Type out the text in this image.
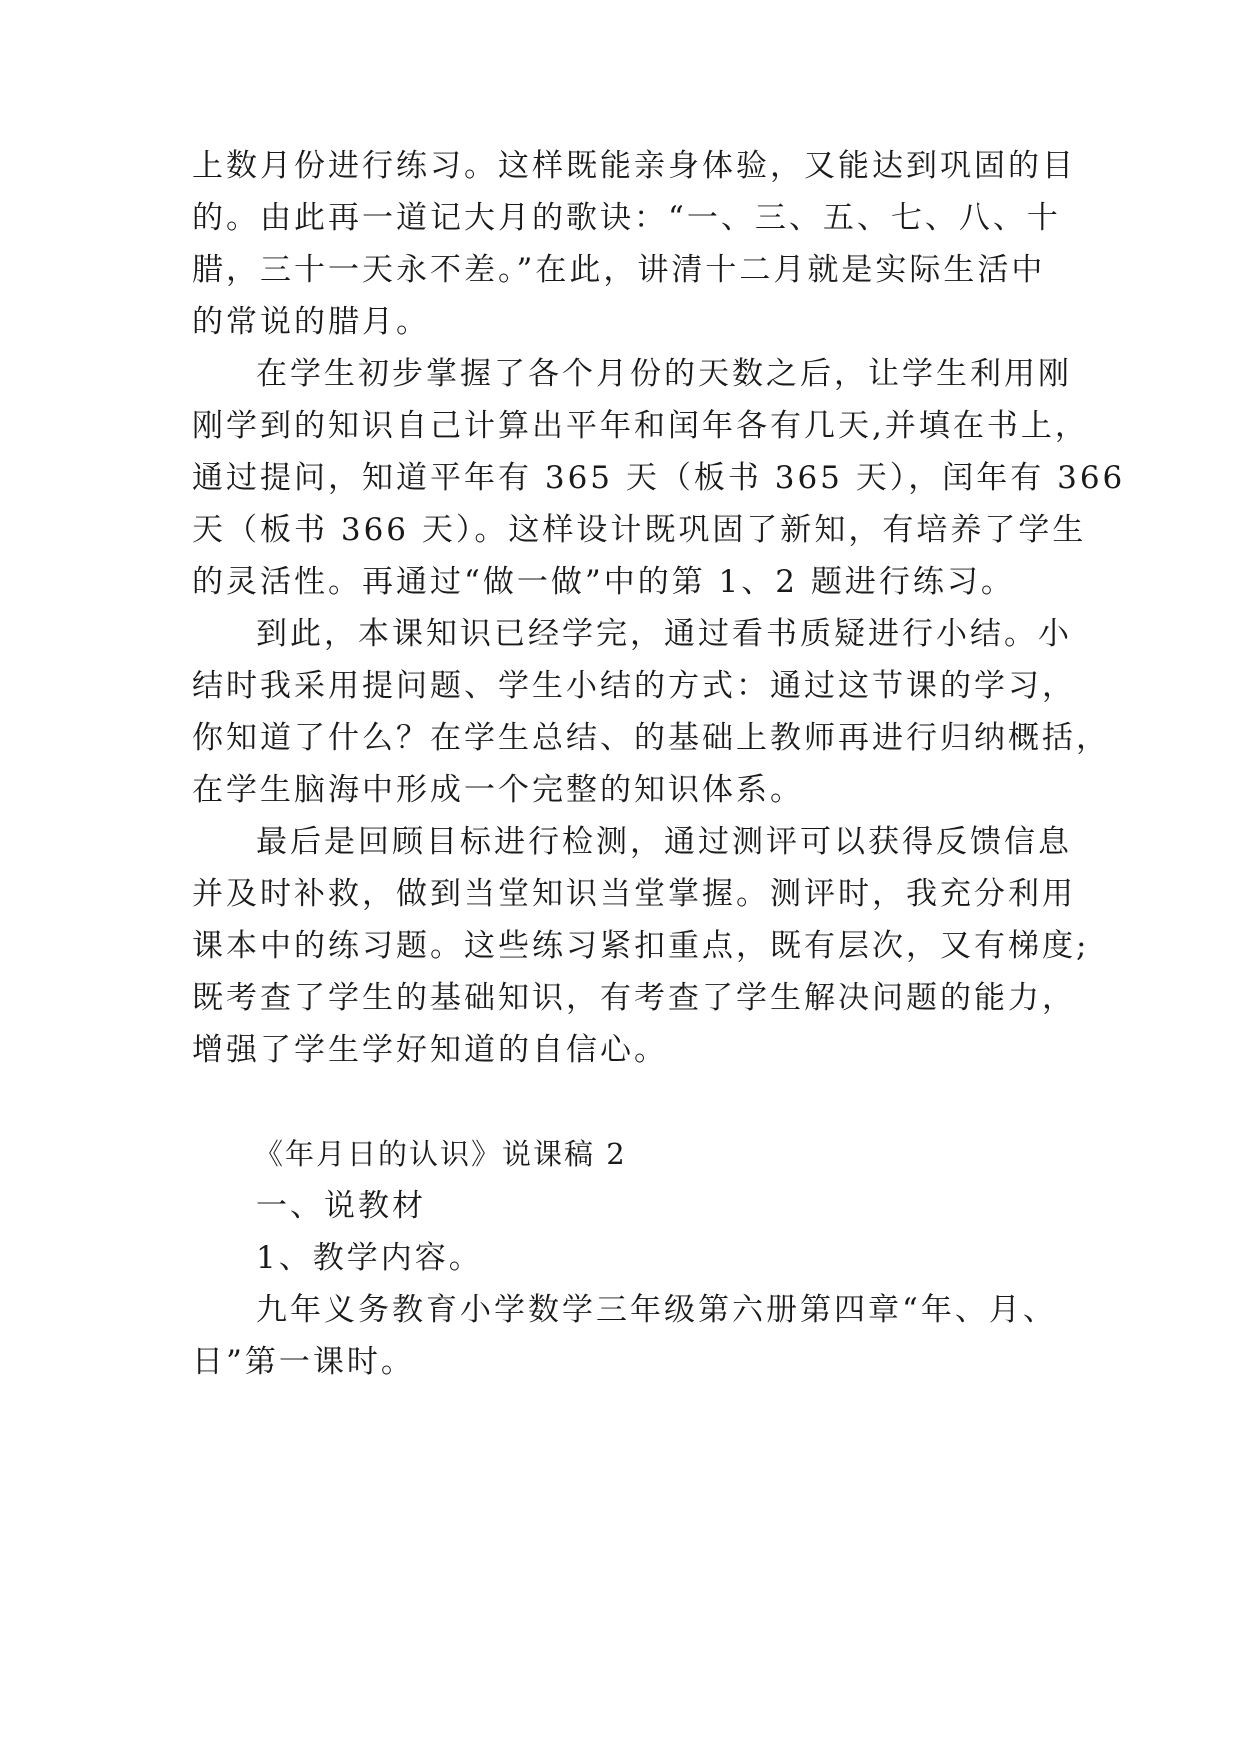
上数月份进行练习。这样既能亲身体验，又能达到巩固的目
的。由此再一道记大月的歌诀：“一、三、五、七、八、十
腊，三十一天永不差。”在此，讲清十二月就是实际生活中
的常说的腊月。
在学生初步掌握了各个月份的天数之后，让学生利用刚
刚学到的知识自己计算出平年和闰年各有几天,并填在书上，
通过提问，知道平年有 365 天（板书 365 天），闰年有 366
天（板书 366 天）。这样设计既巩固了新知，有培养了学生
的灵活性。再通过“做一做”中的第 1、2 题进行练习。
到此，本课知识已经学完，通过看书质疑进行小结。小
结时我采用提问题、学生小结的方式：通过这节课的学习，
你知道了什么？在学生总结、的基础上教师再进行归纳概括，
在学生脑海中形成一个完整的知识体系。
最后是回顾目标进行检测，通过测评可以获得反馈信息
并及时补救，做到当堂知识当堂掌握。测评时，我充分利用
课本中的练习题。这些练习紧扣重点，既有层次，又有梯度;
既考查了学生的基础知识，有考查了学生解决问题的能力，
增强了学生学好知道的自信心。
《年月日的认识》说课稿 2
一、说教材
1、教学内容。
九年义务教育小学数学三年级第六册第四章“年、月、
日”第一课时。
